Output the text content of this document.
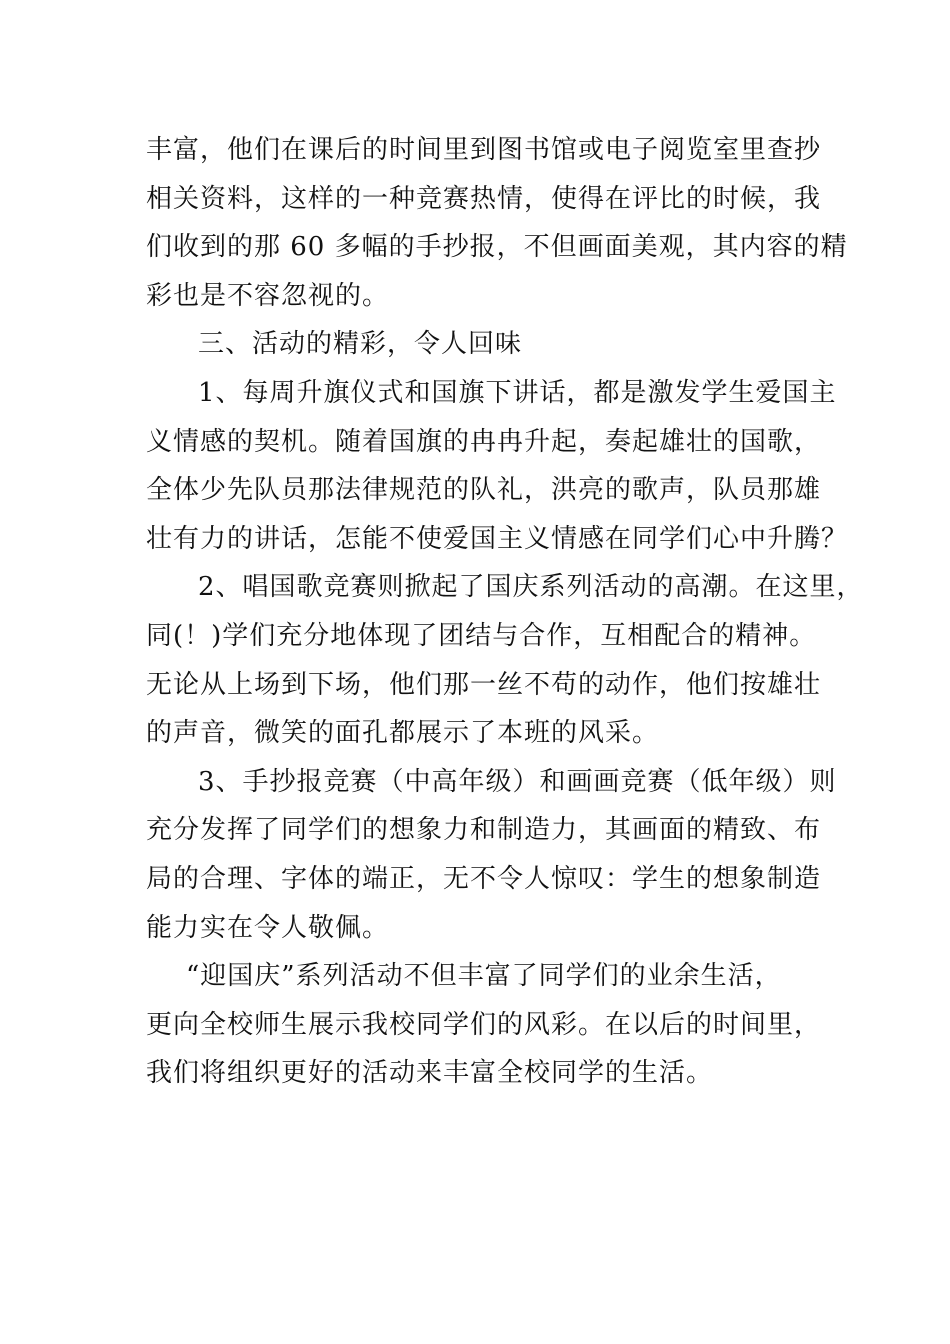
丰富，他们在课后的时间里到图书馆或电子阅览室里查抄
相关资料，这样的一种竞赛热情，使得在评比的时候，我
们收到的那 60 多幅的手抄报，不但画面美观，其内容的精
彩也是不容忽视的。
三、活动的精彩，令人回味
1、每周升旗仪式和国旗下讲话，都是激发学生爱国主
义情感的契机。随着国旗的冉冉升起，奏起雄壮的国歌，
全体少先队员那法律规范的队礼，洪亮的歌声，队员那雄
壮有力的讲话，怎能不使爱国主义情感在同学们心中升腾？
2、唱国歌竞赛则掀起了国庆系列活动的高潮。在这里，
同(！)学们充分地体现了团结与合作，互相配合的精神。
无论从上场到下场，他们那一丝不苟的动作，他们按雄壮
的声音，微笑的面孔都展示了本班的风采。
3、手抄报竞赛（中高年级）和画画竞赛（低年级）则
充分发挥了同学们的想象力和制造力，其画面的精致、布
局的合理、字体的端正，无不令人惊叹：学生的想象制造
能力实在令人敬佩。
“迎国庆”系列活动不但丰富了同学们的业余生活，
更向全校师生展示我校同学们的风彩。在以后的时间里，
我们将组织更好的活动来丰富全校同学的生活。
